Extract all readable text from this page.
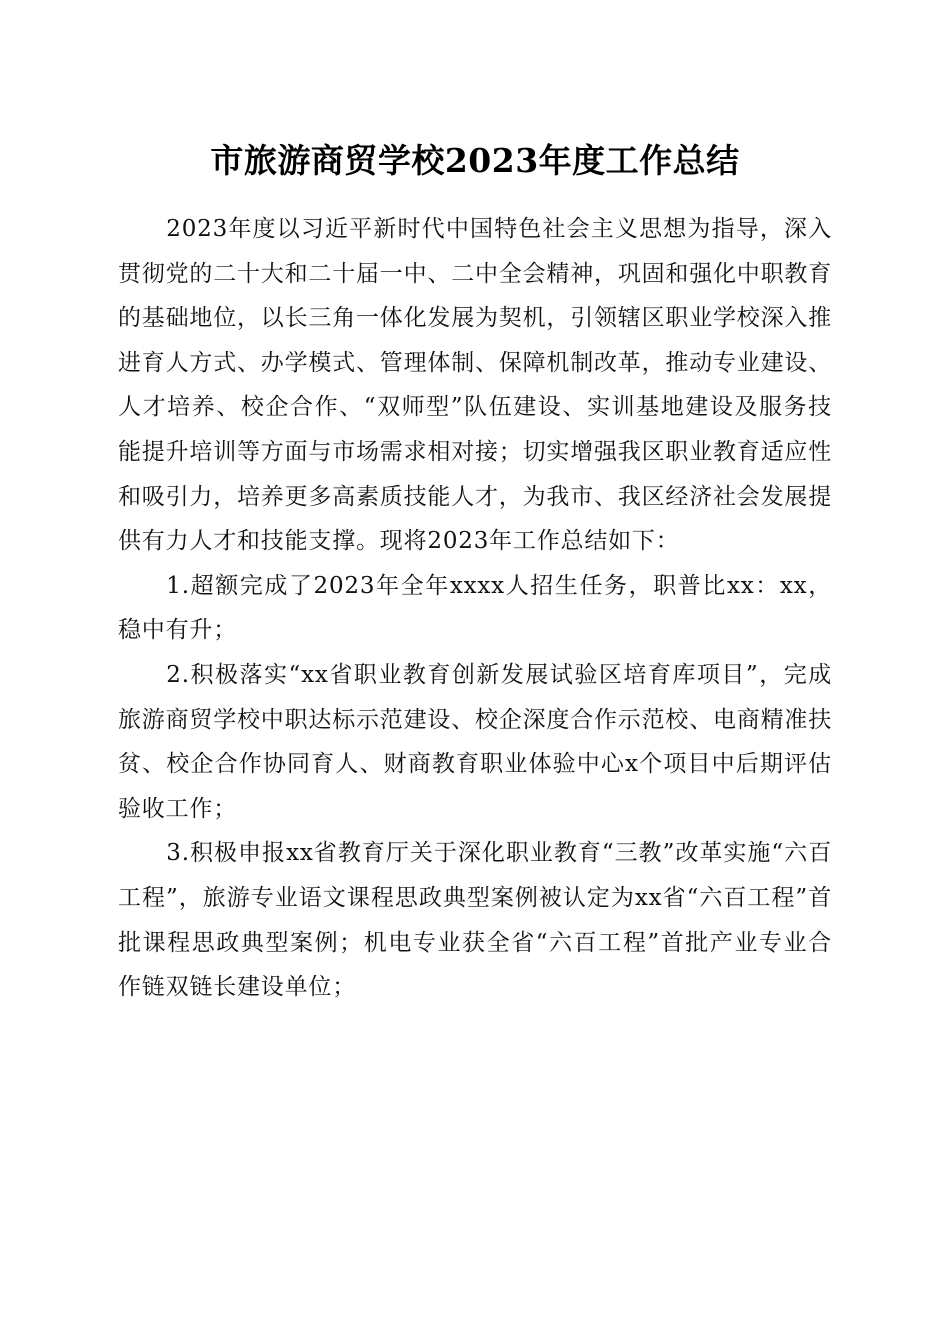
市旅游商贸学校2023年度工作总结

2023年度以习近平新时代中国特色社会主义思想为指导，深入贯彻党的二十大和二十届一中、二中全会精神，巩固和强化中职教育的基础地位，以长三角一体化发展为契机，引领辖区职业学校深入推进育人方式、办学模式、管理体制、保障机制改革，推动专业建设、人才培养、校企合作、“双师型”队伍建设、实训基地建设及服务技能提升培训等方面与市场需求相对接；切实增强我区职业教育适应性和吸引力，培养更多高素质技能人才，为我市、我区经济社会发展提供有力人才和技能支撑。现将2023年工作总结如下：

1.超额完成了2023年全年xxxx人招生任务，职普比xx：xx，稳中有升；

2.积极落实“xx省职业教育创新发展试验区培育库项目”，完成旅游商贸学校中职达标示范建设、校企深度合作示范校、电商精准扶贫、校企合作协同育人、财商教育职业体验中心x个项目中后期评估验收工作；

3.积极申报xx省教育厅关于深化职业教育“三教”改革实施“六百工程”，旅游专业语文课程思政典型案例被认定为xx省“六百工程”首批课程思政典型案例；机电专业获全省“六百工程”首批产业专业合作链双链长建设单位；
